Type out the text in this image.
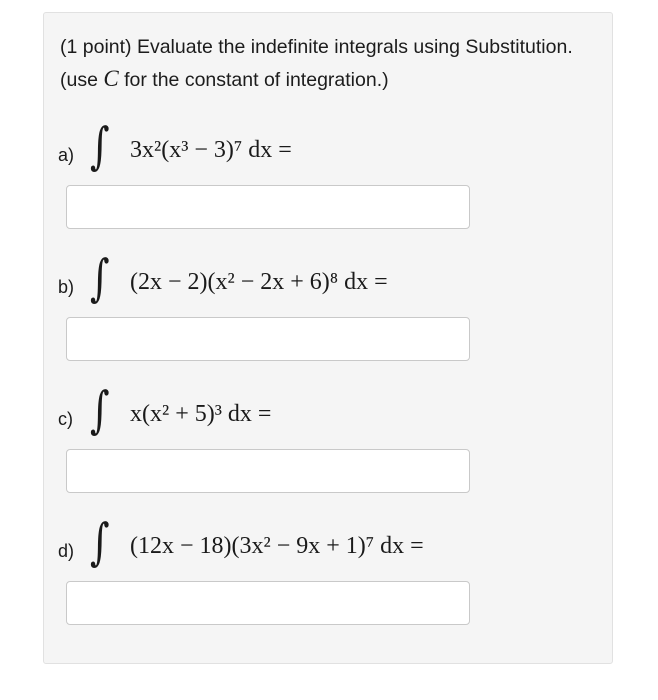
(1 point) Evaluate the indefinite integrals using Substitution. (use C for the constant of integration.)
a) ∫ 3x²(x³ − 3)⁷ dx =
b) ∫ (2x − 2)(x² − 2x + 6)⁸ dx =
c) ∫ x(x² + 5)³ dx =
d) ∫ (12x − 18)(3x² − 9x + 1)⁷ dx =
